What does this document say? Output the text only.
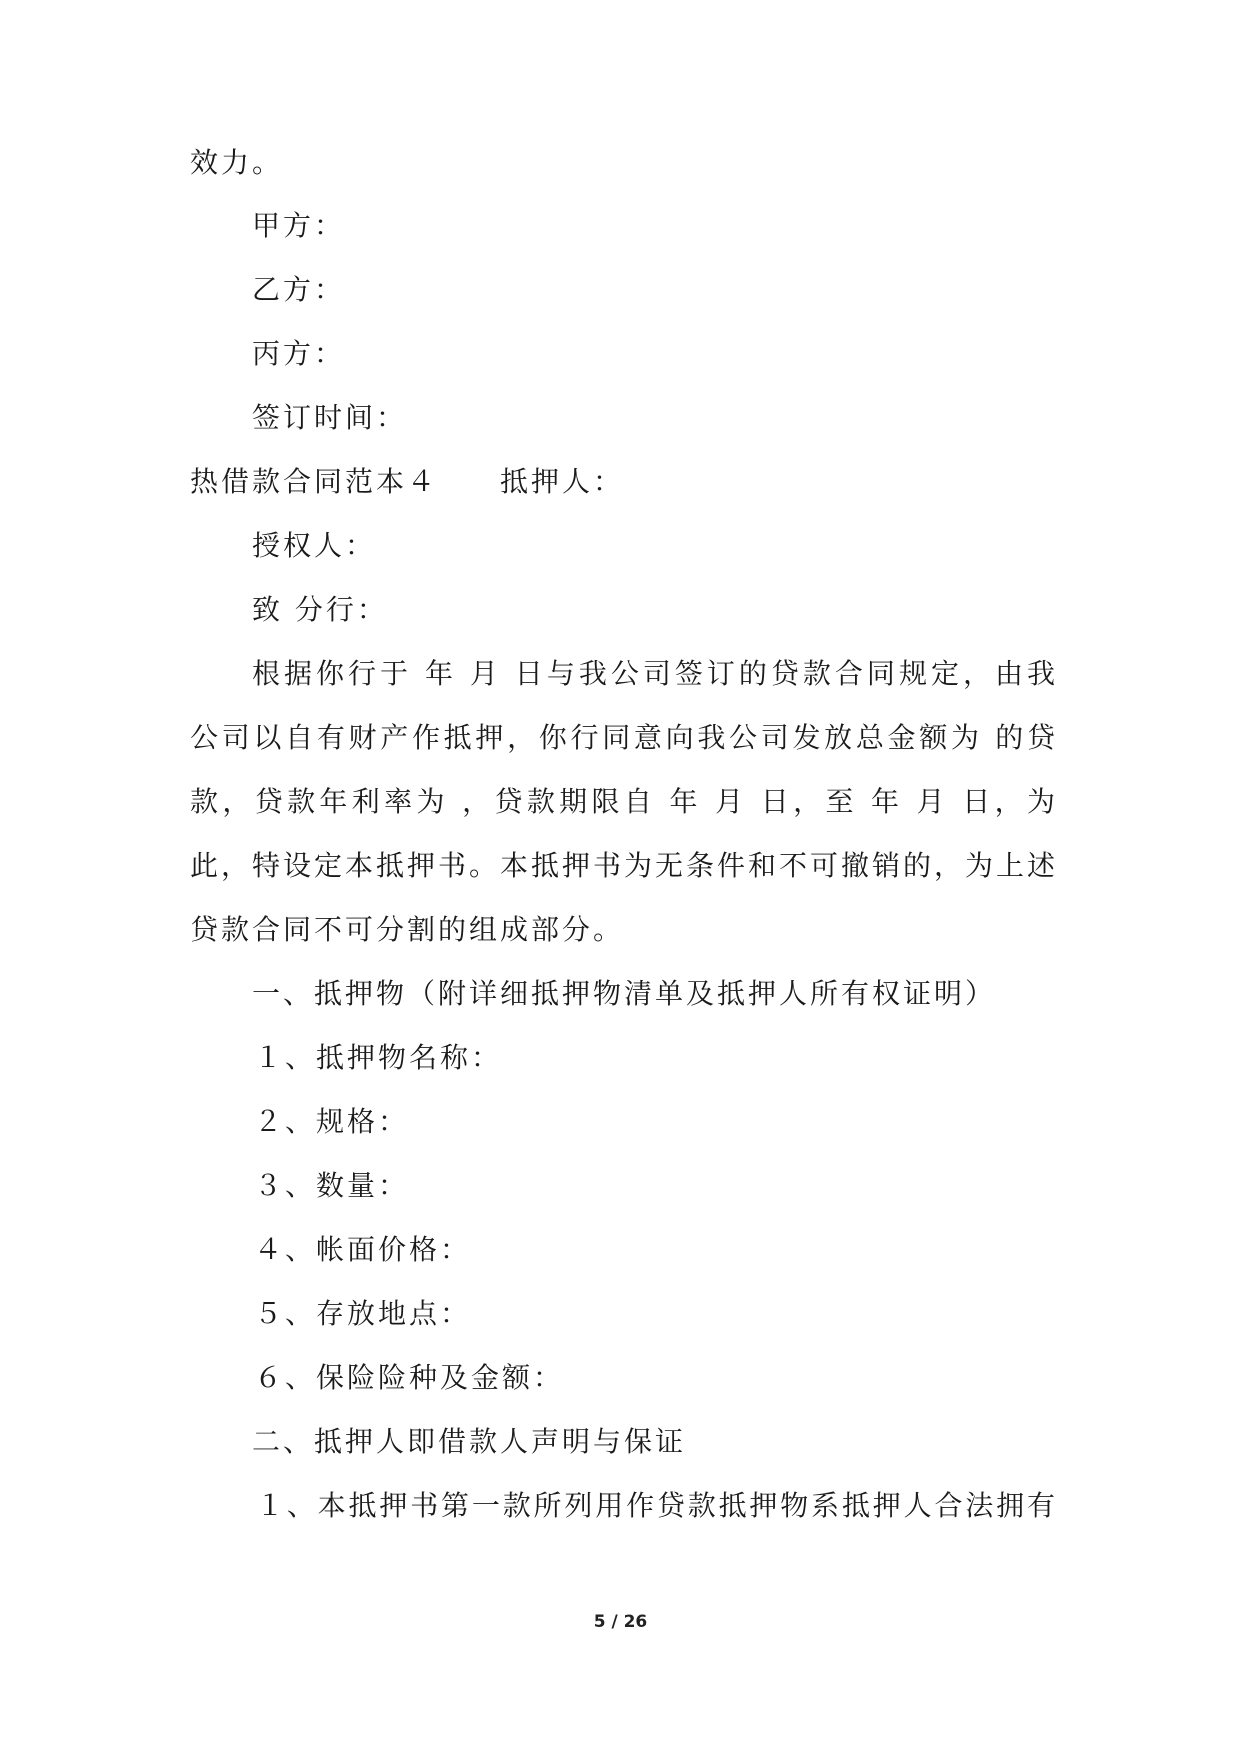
效力。
甲方：
乙方：
丙方：
签订时间：
热借款合同范本４　　抵押人：
授权人：
致 分行：
根据你行于 年 月 日与我公司签订的贷款合同规定，由我
公司以自有财产作抵押，你行同意向我公司发放总金额为 的贷
款，贷款年利率为 ，贷款期限自 年 月 日，至 年 月 日，为
此，特设定本抵押书。本抵押书为无条件和不可撤销的，为上述
贷款合同不可分割的组成部分。
一、抵押物（附详细抵押物清单及抵押人所有权证明）
１、抵押物名称：
２、规格：
３、数量：
４、帐面价格：
５、存放地点：
６、保险险种及金额：
二、抵押人即借款人声明与保证
１、本抵押书第一款所列用作贷款抵押物系抵押人合法拥有
5 / 26
